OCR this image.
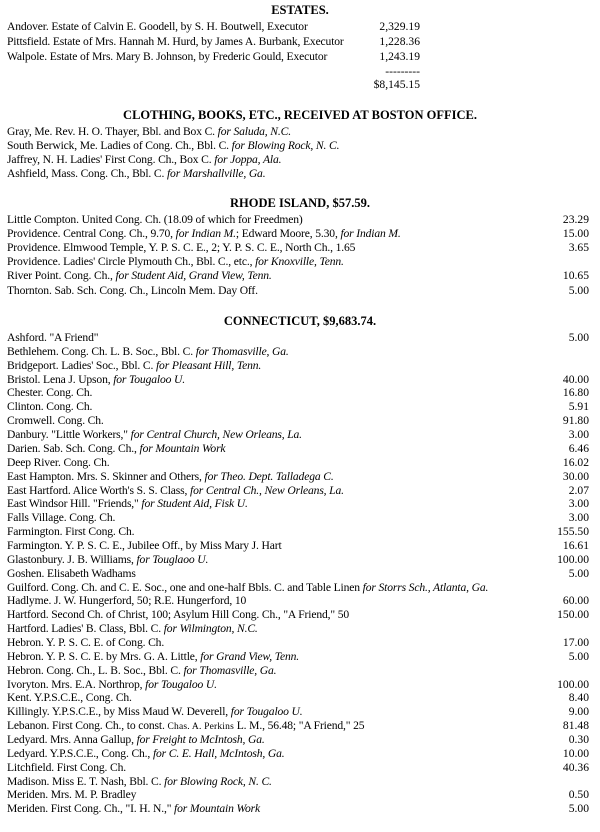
ESTATES.
Andover. Estate of Calvin E. Goodell, by S. H. Boutwell, Executor	2,329.19
Pittsfield. Estate of Mrs. Hannah M. Hurd, by James A. Burbank, Executor	1,228.36
Walpole. Estate of Mrs. Mary B. Johnson, by Frederic Gould, Executor	1,243.19
---------
$8,145.15
CLOTHING, BOOKS, ETC., RECEIVED AT BOSTON OFFICE.
Gray, Me. Rev. H. O. Thayer, Bbl. and Box C. for Saluda, N.C.
South Berwick, Me. Ladies of Cong. Ch., Bbl. C. for Blowing Rock, N. C.
Jaffrey, N. H. Ladies' First Cong. Ch., Box C. for Joppa, Ala.
Ashfield, Mass. Cong. Ch., Bbl. C. for Marshallville, Ga.
RHODE ISLAND, $57.59.
Little Compton. United Cong. Ch. (18.09 of which for Freedmen)	23.29
Providence. Central Cong. Ch., 9.70, for Indian M.; Edward Moore, 5.30, for Indian M.	15.00
Providence. Elmwood Temple, Y. P. S. C. E., 2; Y. P. S. C. E., North Ch., 1.65	3.65
Providence. Ladies' Circle Plymouth Ch., Bbl. C., etc., for Knoxville, Tenn.
River Point. Cong. Ch., for Student Aid, Grand View, Tenn.	10.65
Thornton. Sab. Sch. Cong. Ch., Lincoln Mem. Day Off.	5.00
CONNECTICUT, $9,683.74.
Ashford. "A Friend"	5.00
Bethlehem. Cong. Ch. L. B. Soc., Bbl. C. for Thomasville, Ga.
Bridgeport. Ladies' Soc., Bbl. C. for Pleasant Hill, Tenn.
Bristol. Lena J. Upson, for Tougaloo U.	40.00
Chester. Cong. Ch.	16.80
Clinton. Cong. Ch.	5.91
Cromwell. Cong. Ch.	91.80
Danbury. "Little Workers," for Central Church, New Orleans, La.	3.00
Darien. Sab. Sch. Cong. Ch., for Mountain Work	6.46
Deep River. Cong. Ch.	16.02
East Hampton. Mrs. S. Skinner and Others, for Theo. Dept. Talladega C.	30.00
East Hartford. Alice Worth's S. S. Class, for Central Ch., New Orleans, La.	2.07
East Windsor Hill. "Friends," for Student Aid, Fisk U.	3.00
Falls Village. Cong. Ch.	3.00
Farmington. First Cong. Ch.	155.50
Farmington. Y. P. S. C. E., Jubilee Off., by Miss Mary J. Hart	16.61
Glastonbury. J. B. Williams, for Touglaoo U.	100.00
Goshen. Elisabeth Wadhams	5.00
Guilford. Cong. Ch. and C. E. Soc., one and one-half Bbls. C. and Table Linen for Storrs Sch., Atlanta, Ga.
Hadlyme. J. W. Hungerford, 50; R.E. Hungerford, 10	60.00
Hartford. Second Ch. of Christ, 100; Asylum Hill Cong. Ch., "A Friend," 50	150.00
Hartford. Ladies' B. Class, Bbl. C. for Wilmington, N.C.
Hebron. Y. P. S. C. E. of Cong. Ch.	17.00
Hebron. Y. P. S. C. E. by Mrs. G. A. Little, for Grand View, Tenn.	5.00
Hebron. Cong. Ch., L. B. Soc., Bbl. C. for Thomasville, Ga.
Ivoryton. Mrs. E.A. Northrop, for Tougaloo U.	100.00
Kent. Y.P.S.C.E., Cong. Ch.	8.40
Killingly. Y.P.S.C.E., by Miss Maud W. Deverell, for Tougaloo U.	9.00
Lebanon. First Cong. Ch., to const. Chas. A. Perkins L. M., 56.48; "A Friend," 25	81.48
Ledyard. Mrs. Anna Gallup, for Freight to McIntosh, Ga.	0.30
Ledyard. Y.P.S.C.E., Cong. Ch., for C. E. Hall, McIntosh, Ga.	10.00
Litchfield. First Cong. Ch.	40.36
Madison. Miss E. T. Nash, Bbl. C. for Blowing Rock, N. C.
Meriden. Mrs. M. P. Bradley	0.50
Meriden. First Cong. Ch., "I. H. N.," for Mountain Work	5.00
